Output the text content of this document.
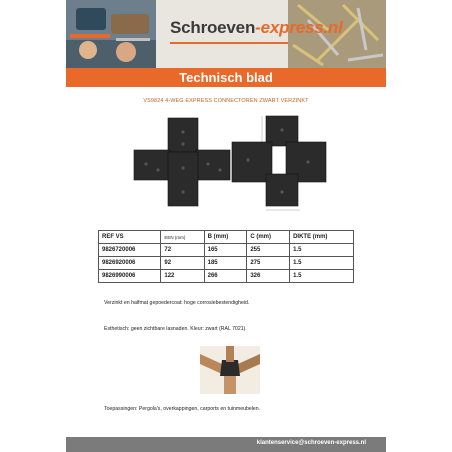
Schroeven-express.nl
Technisch blad
VS9824 4-WEG EXPRESS CONNECTOREN ZWART VERZINKT
REF VS	EEN (mm)	B (mm)	C (mm)	DIKTE (mm)
9826720006	72	165	255	1.5
9826920006	92	185	275	1.5
9826990006	122	266	326	1.5
Verzinkt en halfmat gepoedercoat: hoge corrosiebestendigheid.
Esthetisch: geen zichtbare lasnaden. Kleur: zwart (RAL 7021).
Toepassingen: Pergola's, overkappingen, carports en tuinmeubelen.
klantenservice@schroeven-express.nl
